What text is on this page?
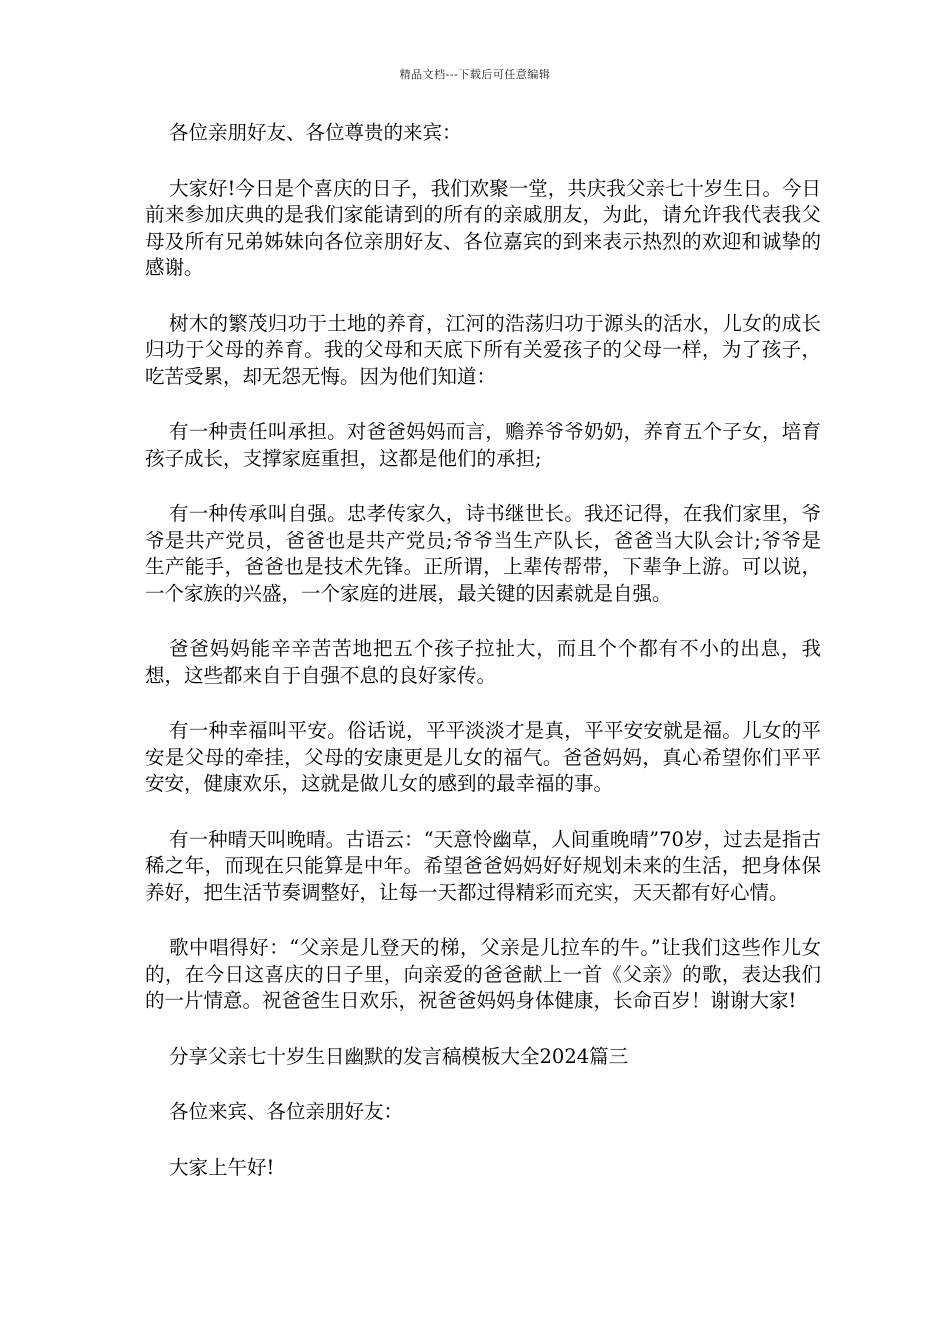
精品文档---下载后可任意编辑

各位亲朋好友、各位尊贵的来宾：

大家好!今日是个喜庆的日子，我们欢聚一堂，共庆我父亲七十岁生日。今日前来参加庆典的是我们家能请到的所有的亲戚朋友，为此，请允许我代表我父母及所有兄弟姊妹向各位亲朋好友、各位嘉宾的到来表示热烈的欢迎和诚挚的感谢。

树木的繁茂归功于土地的养育，江河的浩荡归功于源头的活水，儿女的成长归功于父母的养育。我的父母和天底下所有关爱孩子的父母一样，为了孩子，吃苦受累，却无怨无悔。因为他们知道：

有一种责任叫承担。对爸爸妈妈而言，赡养爷爷奶奶，养育五个子女，培育孩子成长，支撑家庭重担，这都是他们的承担;

有一种传承叫自强。忠孝传家久，诗书继世长。我还记得，在我们家里，爷爷是共产党员，爸爸也是共产党员;爷爷当生产队长，爸爸当大队会计;爷爷是生产能手，爸爸也是技术先锋。正所谓，上辈传帮带，下辈争上游。可以说，一个家族的兴盛，一个家庭的进展，最关键的因素就是自强。

爸爸妈妈能辛辛苦苦地把五个孩子拉扯大，而且个个都有不小的出息，我想，这些都来自于自强不息的良好家传。

有一种幸福叫平安。俗话说，平平淡淡才是真，平平安安就是福。儿女的平安是父母的牵挂，父母的安康更是儿女的福气。爸爸妈妈，真心希望你们平平安安，健康欢乐，这就是做儿女的感到的最幸福的事。

有一种晴天叫晚晴。古语云：“天意怜幽草，人间重晚晴”70岁，过去是指古稀之年，而现在只能算是中年。希望爸爸妈妈好好规划未来的生活，把身体保养好，把生活节奏调整好，让每一天都过得精彩而充实，天天都有好心情。

歌中唱得好：“父亲是儿登天的梯，父亲是儿拉车的牛。”让我们这些作儿女的，在今日这喜庆的日子里，向亲爱的爸爸献上一首《父亲》的歌，表达我们的一片情意。祝爸爸生日欢乐，祝爸爸妈妈身体健康，长命百岁！谢谢大家!

分享父亲七十岁生日幽默的发言稿模板大全2024篇三

各位来宾、各位亲朋好友：

大家上午好!
